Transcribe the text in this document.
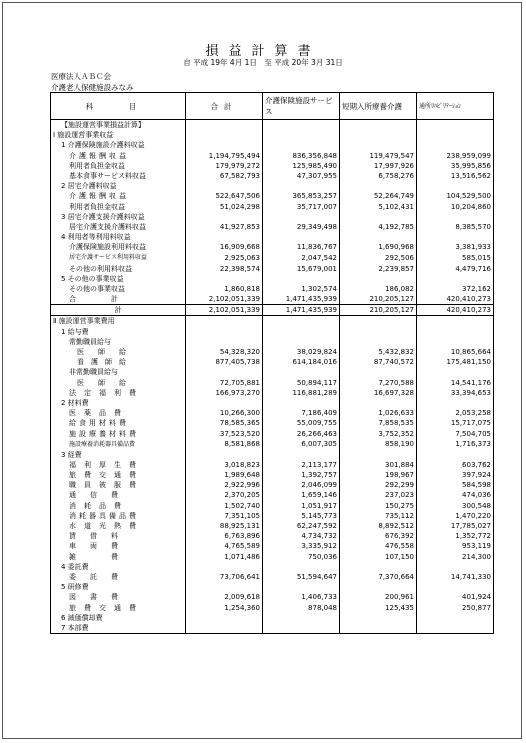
損益計算書
自 平成 19年 4月 1日　至 平成 20年 3月 31日
医療法人ＡＢＣ会
介護老人保健施設みなみ
科　目	合計	介護保険施設サービス	短期入所療養介護	通所ﾘﾊﾋﾞﾘﾃｰｼｮﾝ
【施設運営事業損益計算】				
Ⅰ 施設運営事業収益				
1 介護保険施設介護料収益				
介護報酬収益	1,194,795,494	836,356,848	119,479,547	238,959,099
利用者負担金収益	179,979,272	125,985,490	17,997,926	35,995,856
基本食事サービス料収益	67,582,793	47,307,955	6,758,276	13,516,562
2 居宅介護料収益				
介護報酬収益	522,647,506	365,853,257	52,264,749	104,529,500
利用者負担金収益	51,024,298	35,717,007	5,102,431	10,204,860
3 居宅介護支援介護料収益				
居宅介護支援介護料収益	41,927,853	29,349,498	4,192,785	8,385,570
4 利用者等利用料収益				
介護保険施設利用料収益	16,909,668	11,836,767	1,690,968	3,381,933
居宅介護サービス利用料収益	2,925,063	2,047,542	292,506	585,015
その他の利用料収益	22,398,574	15,679,001	2,239,857	4,479,716
5 その他の事業収益				
その他の事業収益	1,860,818	1,302,574	186,082	372,162
合　　　　　計	2,102,051,339	1,471,435,939	210,205,127	420,410,273
計	2,102,051,339	1,471,435,939	210,205,127	420,410,273
Ⅱ 施設運営事業費用				
1 給与費				
常勤職員給与				
医　　師　　給	54,328,320	38,029,824	5,432,832	10,865,664
看　護　師　給	877,405,738	614,184,016	87,740,572	175,481,150
非常勤職員給与				
医　　師　　給	72,705,881	50,894,117	7,270,588	14,541,176
法定福利費	166,973,270	116,881,289	16,697,328	33,394,653
2 材料費				
医薬品費	10,266,300	7,186,409	1,026,633	2,053,258
給食用材料費	78,585,365	55,009,755	7,858,535	15,717,075
施設療養材料費	37,523,520	26,266,463	3,752,352	7,504,705
施設療養消耗器具備品費	8,581,868	6,007,305	858,190	1,716,373
3 経費				
福利厚生費	3,018,823	2,113,177	301,884	603,762
旅費交通費	1,989,648	1,392,757	198,967	397,924
職員被服費	2,922,996	2,046,099	292,299	584,598
通　　信　　費	2,370,205	1,659,146	237,023	474,036
消耗品費	1,502,740	1,051,917	150,275	300,548
消耗器具備品費	7,351,105	5,145,773	735,112	1,470,220
水道光熱費	88,925,131	62,247,592	8,892,512	17,785,027
賃　　借　　料	6,763,896	4,734,732	676,392	1,352,772
車　　両　　費	4,765,589	3,335,912	476,558	953,119
雑　　　　　費	1,071,486	750,036	107,150	214,300
4 委託費				
委　　託　　費	73,706,641	51,594,647	7,370,664	14,741,330
5 研修費				
図　　書　　費	2,009,618	1,406,733	200,961	401,924
旅費交通費	1,254,360	878,048	125,435	250,877
6 減価償却費				
7 本部費				
